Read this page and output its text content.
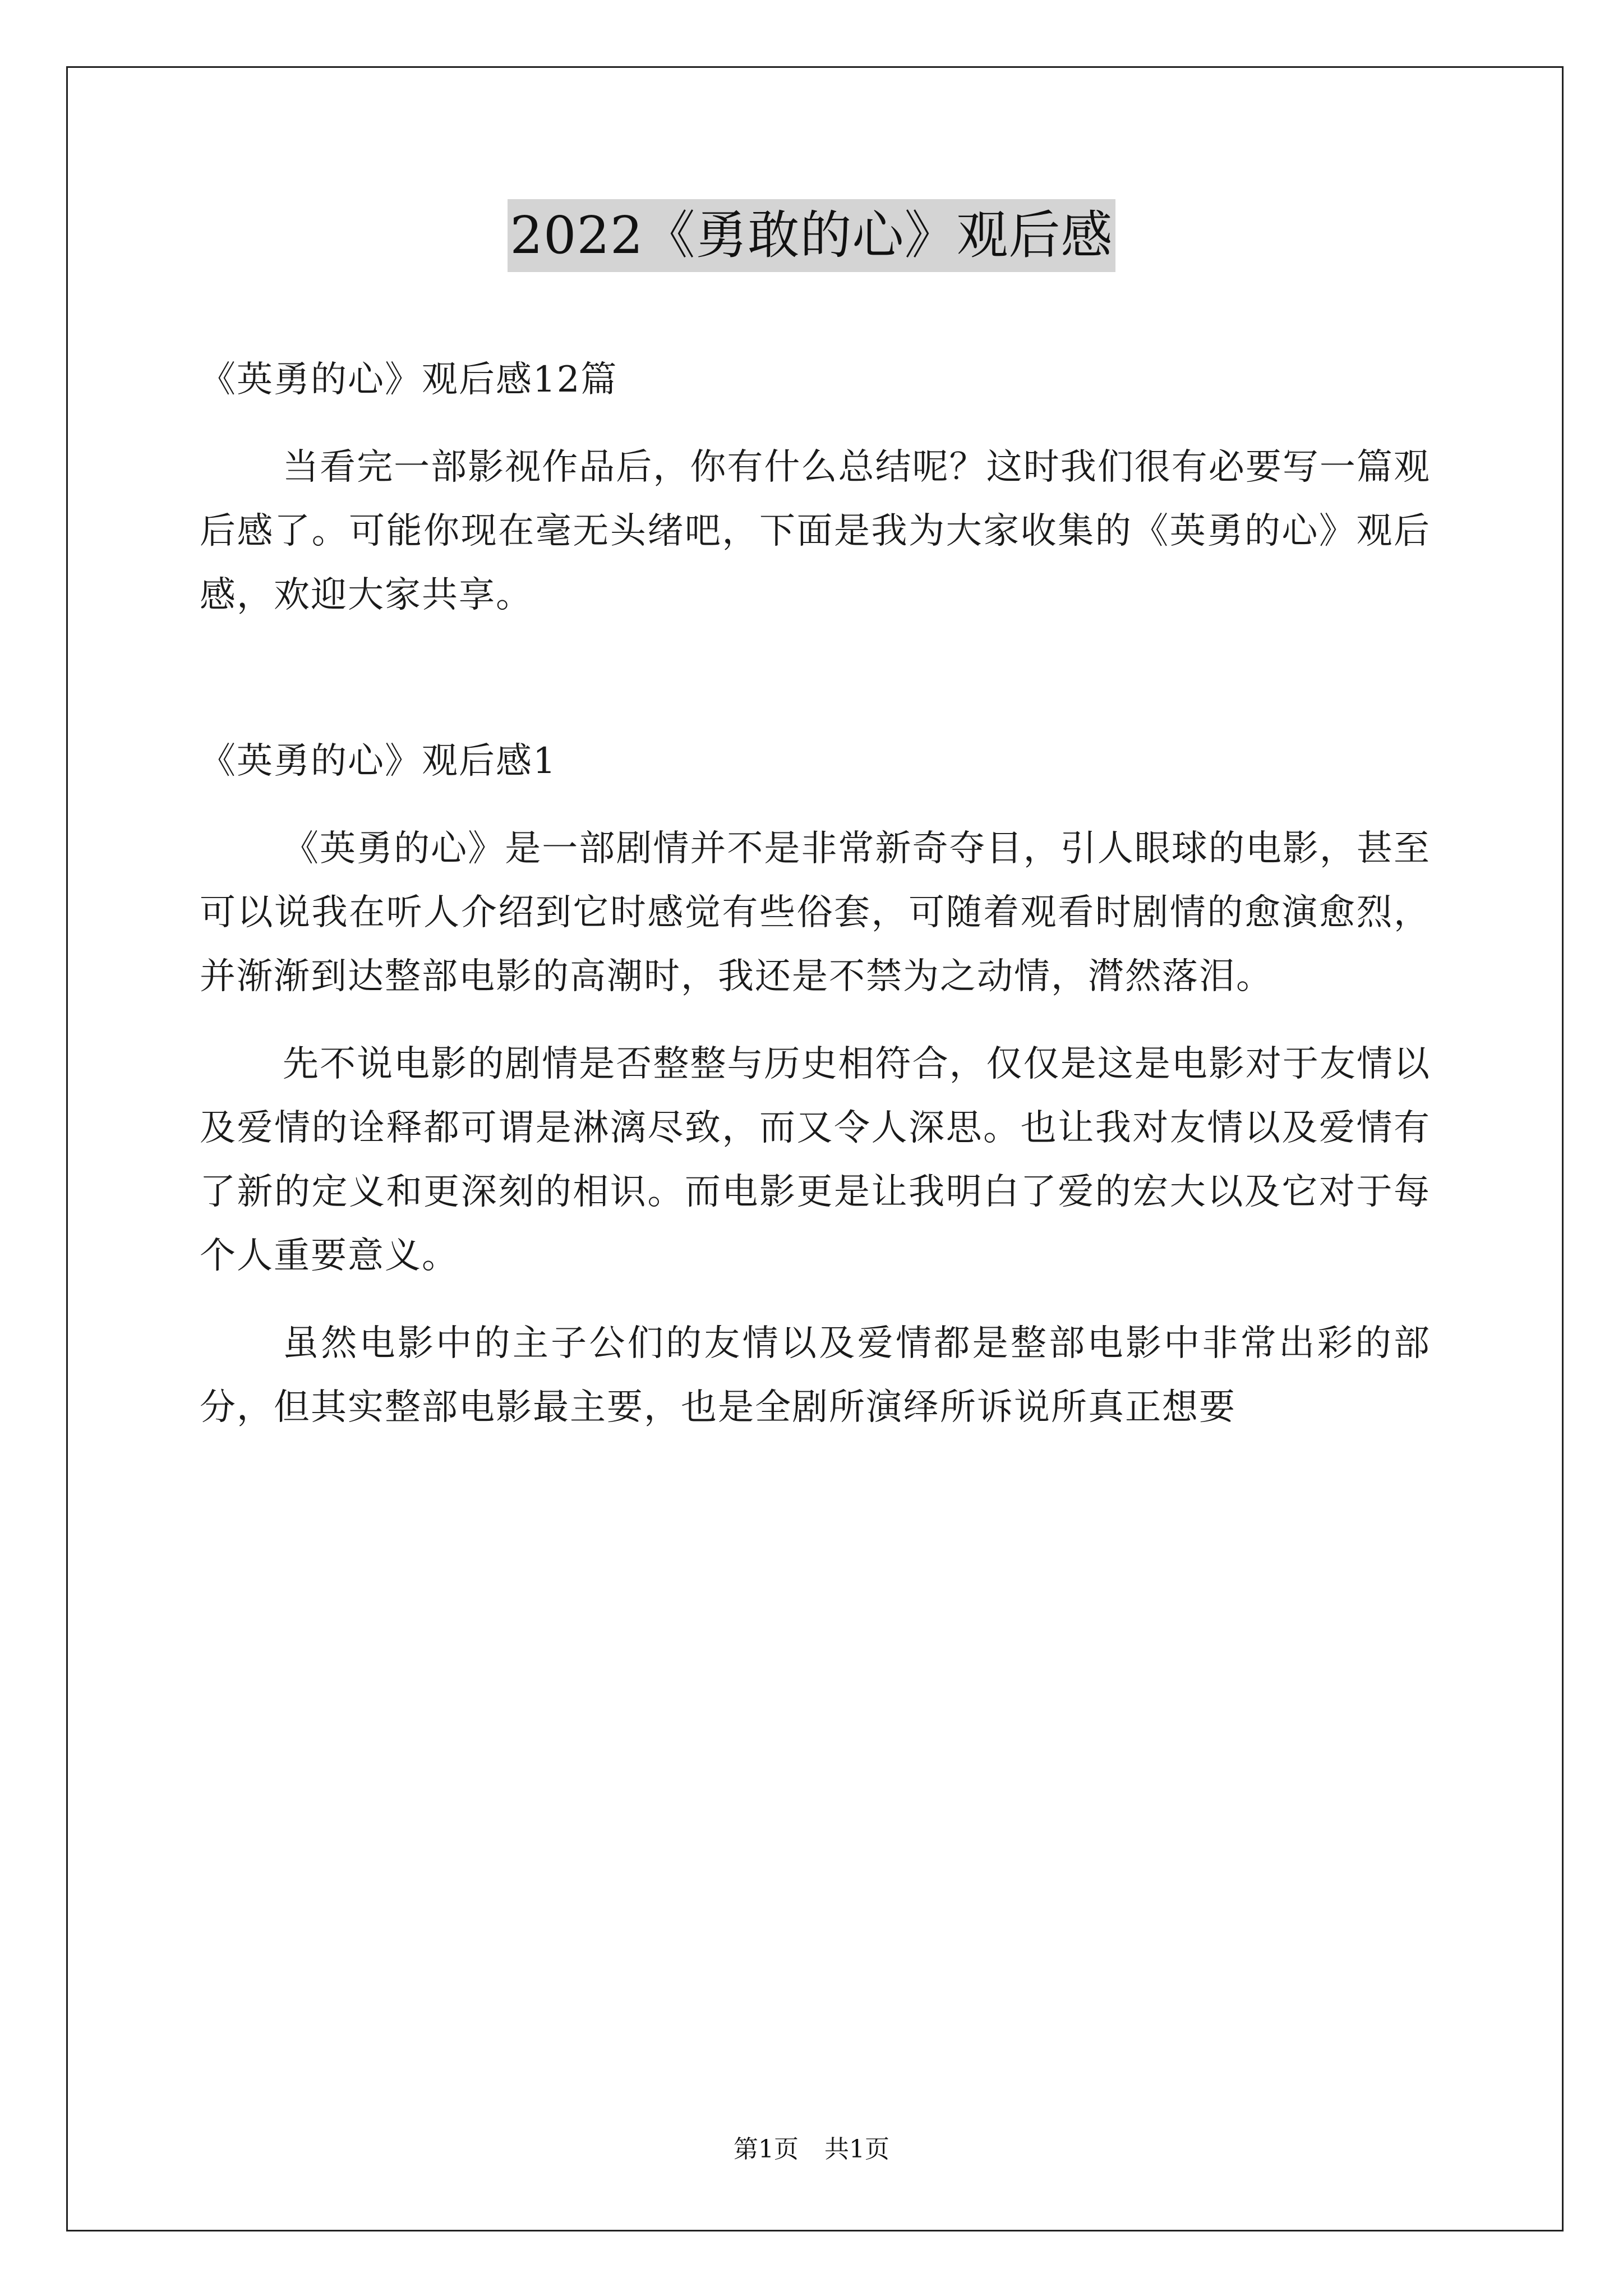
2022《勇敢的心》观后感

《英勇的心》观后感12篇

当看完一部影视作品后，你有什么总结呢？这时我们很有必要写一篇观后感了。可能你现在毫无头绪吧，下面是我为大家收集的《英勇的心》观后感，欢迎大家共享。

《英勇的心》观后感1

《英勇的心》是一部剧情并不是非常新奇夺目，引人眼球的电影，甚至可以说我在听人介绍到它时感觉有些俗套，可随着观看时剧情的愈演愈烈，并渐渐到达整部电影的高潮时，我还是不禁为之动情，潸然落泪。

先不说电影的剧情是否整整与历史相符合，仅仅是这是电影对于友情以及爱情的诠释都可谓是淋漓尽致，而又令人深思。也让我对友情以及爱情有了新的定义和更深刻的相识。而电影更是让我明白了爱的宏大以及它对于每个人重要意义。

虽然电影中的主子公们的友情以及爱情都是整部电影中非常出彩的部分，但其实整部电影最主要，也是全剧所演绎所诉说所真正想要

第1页 共1页
